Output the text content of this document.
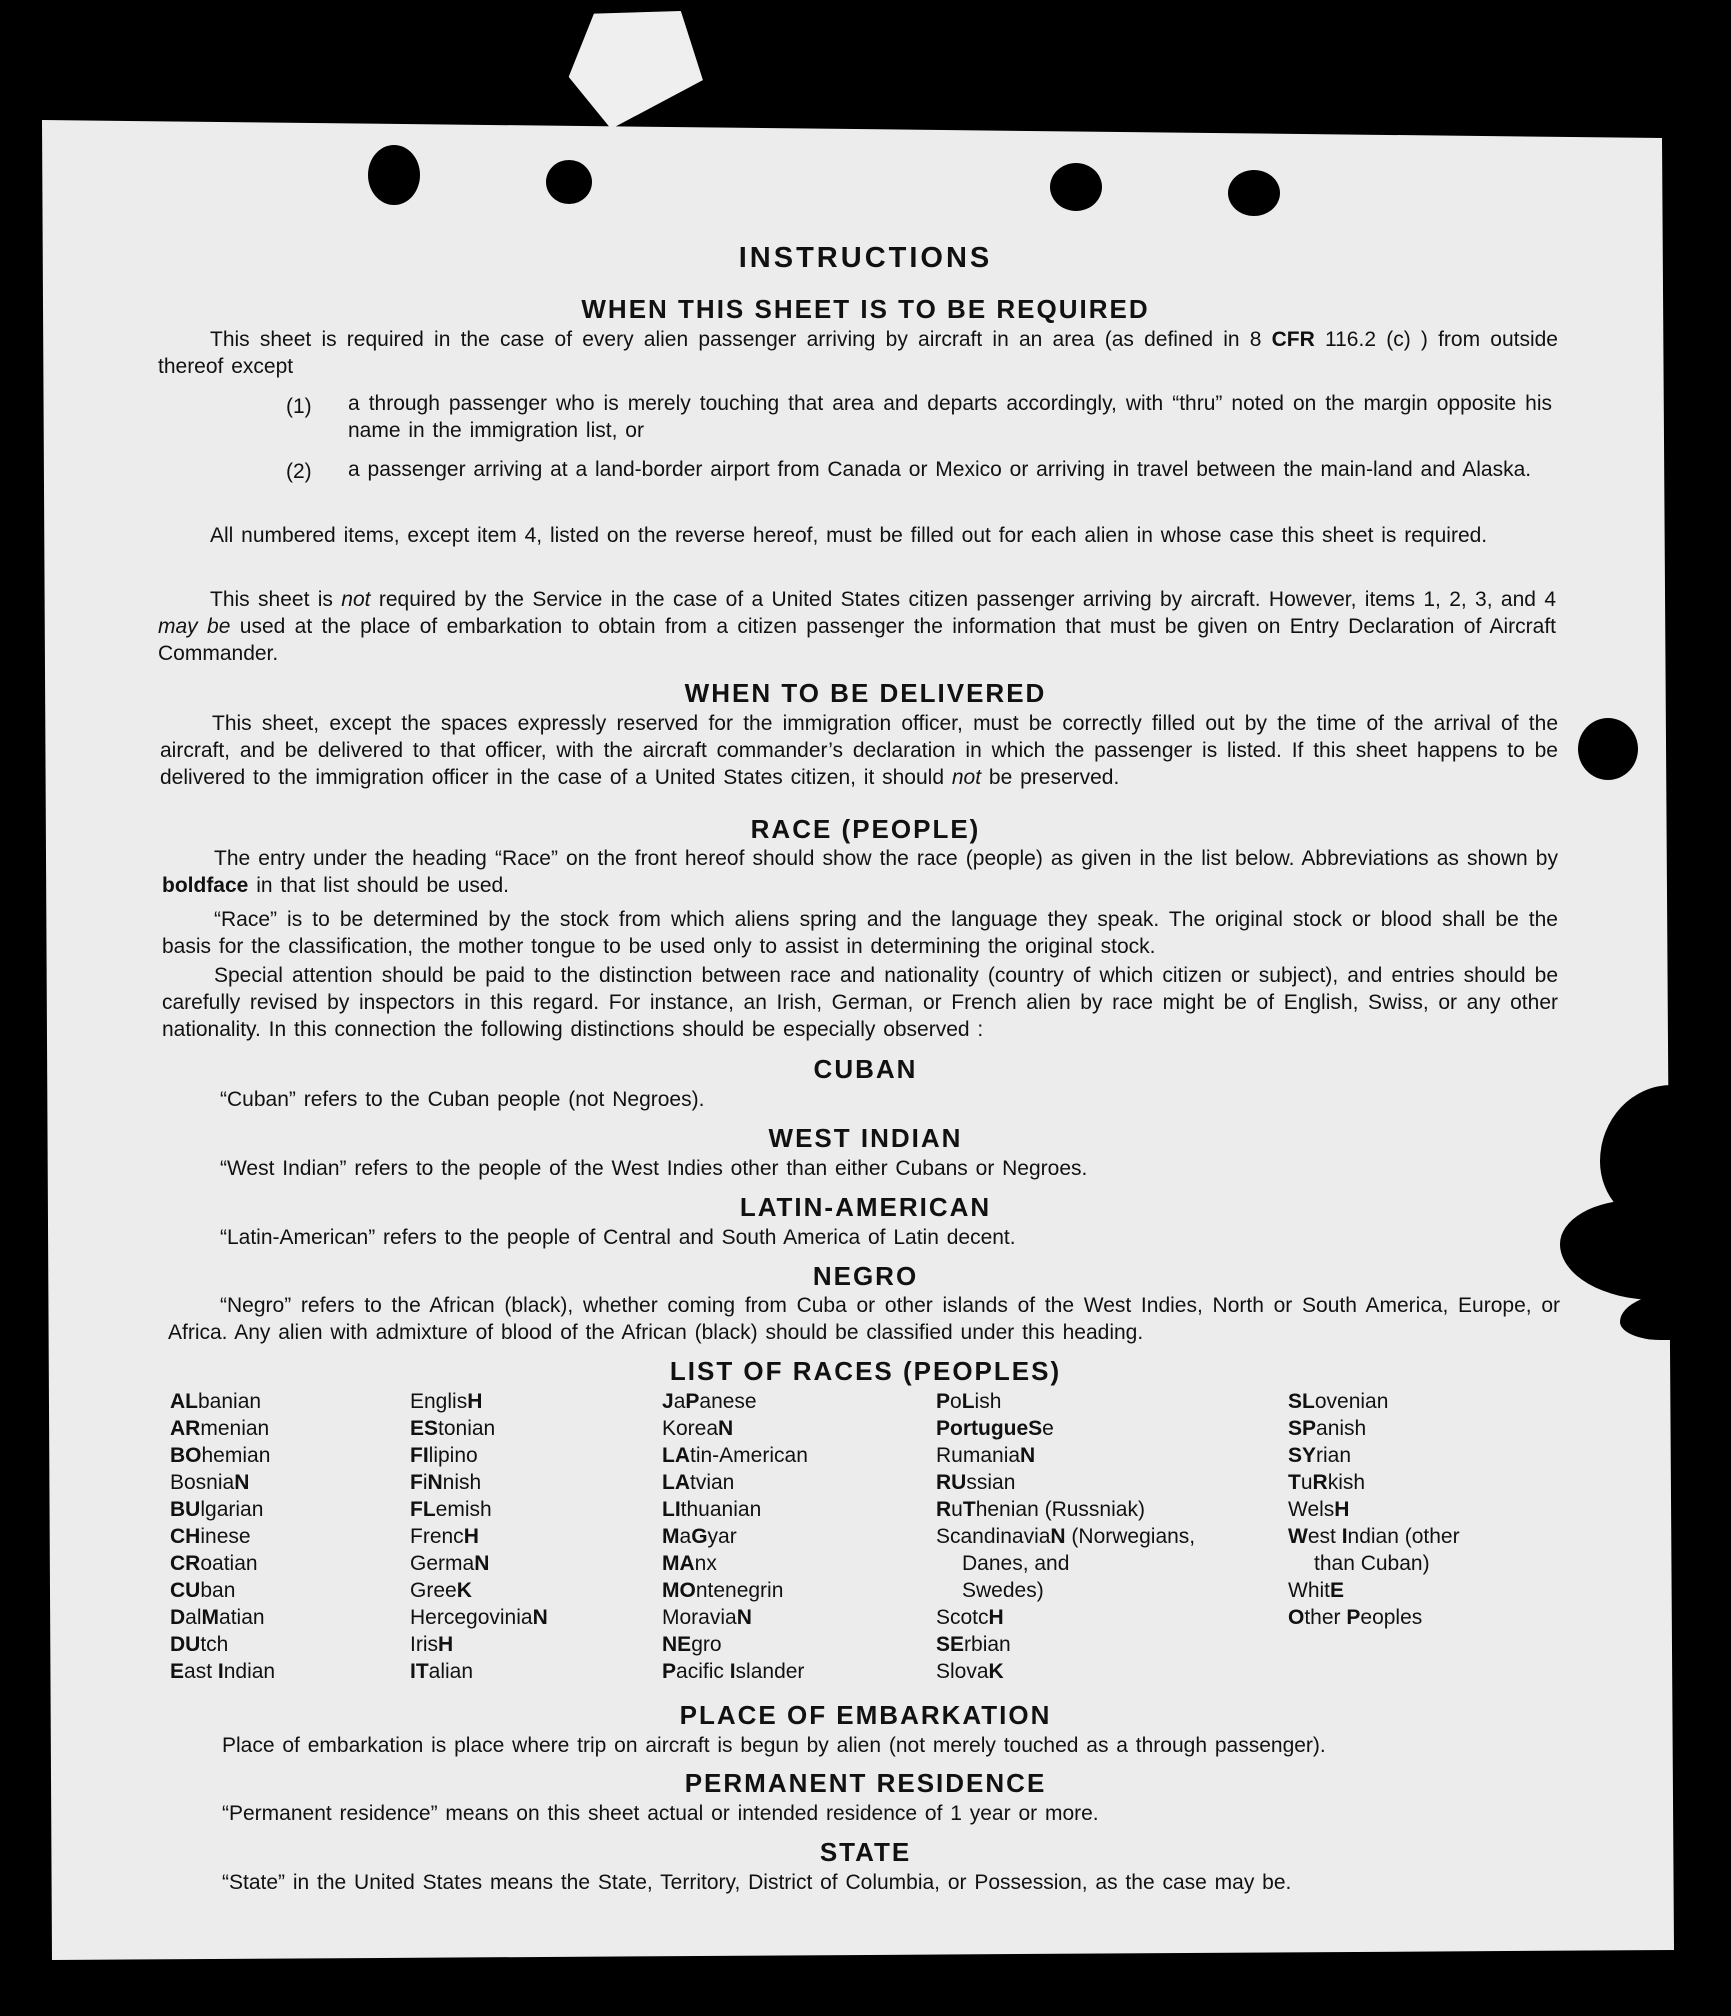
INSTRUCTIONS
WHEN THIS SHEET IS TO BE REQUIRED
This sheet is required in the case of every alien passenger arriving by aircraft in an area (as defined in 8 CFR 116.2 (c) ) from outside thereof except
(1) a through passenger who is merely touching that area and departs accordingly, with “thru” noted on the margin opposite his name in the immigration list, or
(2) a passenger arriving at a land-border airport from Canada or Mexico or arriving in travel between the main-land and Alaska.
All numbered items, except item 4, listed on the reverse hereof, must be filled out for each alien in whose case this sheet is required.
This sheet is not required by the Service in the case of a United States citizen passenger arriving by aircraft. However, items 1, 2, 3, and 4 may be used at the place of embarkation to obtain from a citizen passenger the information that must be given on Entry Declaration of Aircraft Commander.
WHEN TO BE DELIVERED
This sheet, except the spaces expressly reserved for the immigration officer, must be correctly filled out by the time of the arrival of the aircraft, and be delivered to that officer, with the aircraft commander’s declaration in which the passenger is listed. If this sheet happens to be delivered to the immigration officer in the case of a United States citizen, it should not be preserved.
RACE (PEOPLE)
The entry under the heading “Race” on the front hereof should show the race (people) as given in the list below. Abbreviations as shown by boldface in that list should be used.
“Race” is to be determined by the stock from which aliens spring and the language they speak. The original stock or blood shall be the basis for the classification, the mother tongue to be used only to assist in determining the original stock.
Special attention should be paid to the distinction between race and nationality (country of which citizen or subject), and entries should be carefully revised by inspectors in this regard. For instance, an Irish, German, or French alien by race might be of English, Swiss, or any other nationality. In this connection the following distinctions should be especially observed :
CUBAN
“Cuban” refers to the Cuban people (not Negroes).
WEST INDIAN
“West Indian” refers to the people of the West Indies other than either Cubans or Negroes.
LATIN-AMERICAN
“Latin-American” refers to the people of Central and South America of Latin decent.
NEGRO
“Negro” refers to the African (black), whether coming from Cuba or other islands of the West Indies, North or South America, Europe, or Africa. Any alien with admixture of blood of the African (black) should be classified under this heading.
LIST OF RACES (PEOPLES)
ALbanian
ARmenian
BOhemian
BosniaN
BUlgarian
CHinese
CRoatian
CUban
DalMatian
DUtch
East Indian
EnglisH
EStonian
FIlipino
FiNnish
FLemish
FrencH
GermaN
GreeK
HercegoviniaN
IrisH
ITalian
JaPanese
KoreaN
LAtin-American
LAtvian
LIthuanian
MaGyar
MAnx
MOntenegrin
MoraviaN
NEgro
Pacific Islander
PoLish
PortugueSe
RumaniaN
RUssian
RuThenian (Russniak)
ScandinaviaN (Norwegians,
Danes, and
Swedes)
ScotcH
SErbian
SlovaK
SLovenian
SPanish
SYrian
TuRkish
WelsH
West Indian (other
than Cuban)
WhitE
Other Peoples
PLACE OF EMBARKATION
Place of embarkation is place where trip on aircraft is begun by alien (not merely touched as a through passenger).
PERMANENT RESIDENCE
“Permanent residence” means on this sheet actual or intended residence of 1 year or more.
STATE
“State” in the United States means the State, Territory, District of Columbia, or Possession, as the case may be.
